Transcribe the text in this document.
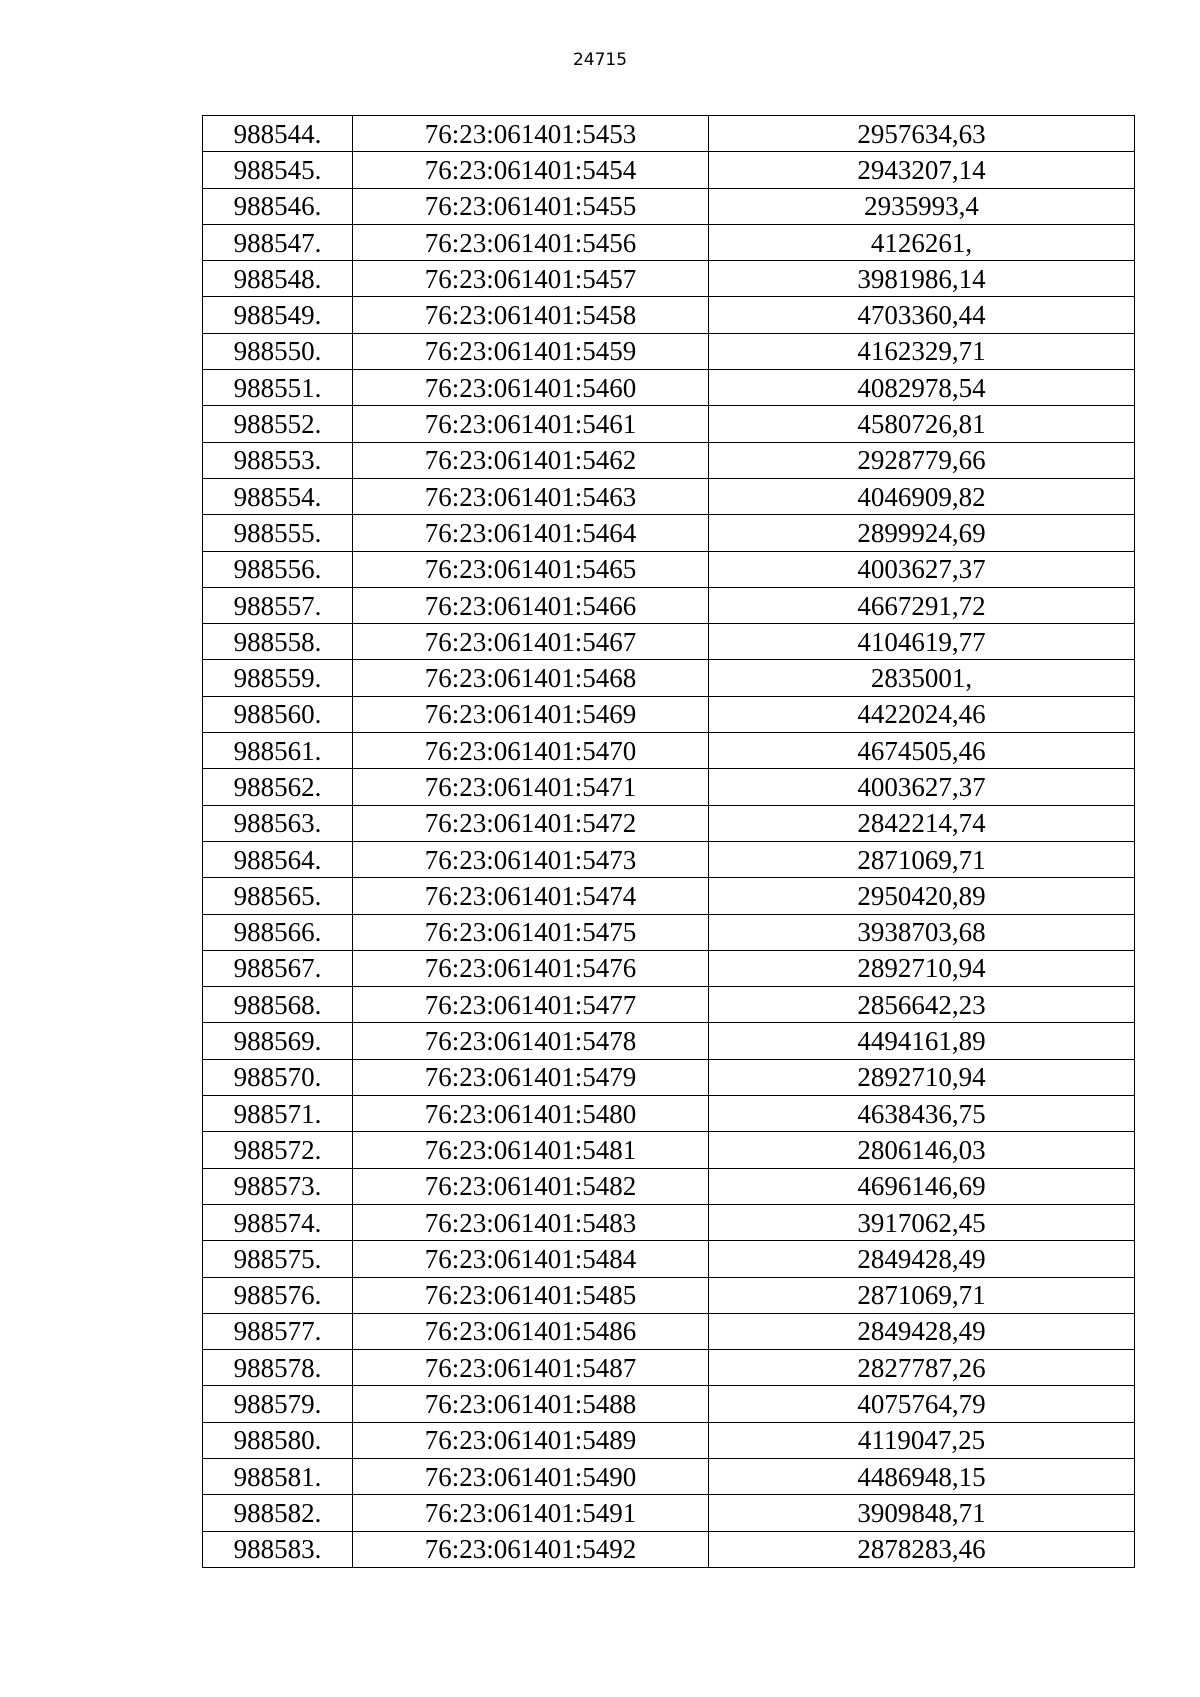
24715
988544.	76:23:061401:5453	2957634,63
988545.	76:23:061401:5454	2943207,14
988546.	76:23:061401:5455	2935993,4
988547.	76:23:061401:5456	4126261,
988548.	76:23:061401:5457	3981986,14
988549.	76:23:061401:5458	4703360,44
988550.	76:23:061401:5459	4162329,71
988551.	76:23:061401:5460	4082978,54
988552.	76:23:061401:5461	4580726,81
988553.	76:23:061401:5462	2928779,66
988554.	76:23:061401:5463	4046909,82
988555.	76:23:061401:5464	2899924,69
988556.	76:23:061401:5465	4003627,37
988557.	76:23:061401:5466	4667291,72
988558.	76:23:061401:5467	4104619,77
988559.	76:23:061401:5468	2835001,
988560.	76:23:061401:5469	4422024,46
988561.	76:23:061401:5470	4674505,46
988562.	76:23:061401:5471	4003627,37
988563.	76:23:061401:5472	2842214,74
988564.	76:23:061401:5473	2871069,71
988565.	76:23:061401:5474	2950420,89
988566.	76:23:061401:5475	3938703,68
988567.	76:23:061401:5476	2892710,94
988568.	76:23:061401:5477	2856642,23
988569.	76:23:061401:5478	4494161,89
988570.	76:23:061401:5479	2892710,94
988571.	76:23:061401:5480	4638436,75
988572.	76:23:061401:5481	2806146,03
988573.	76:23:061401:5482	4696146,69
988574.	76:23:061401:5483	3917062,45
988575.	76:23:061401:5484	2849428,49
988576.	76:23:061401:5485	2871069,71
988577.	76:23:061401:5486	2849428,49
988578.	76:23:061401:5487	2827787,26
988579.	76:23:061401:5488	4075764,79
988580.	76:23:061401:5489	4119047,25
988581.	76:23:061401:5490	4486948,15
988582.	76:23:061401:5491	3909848,71
988583.	76:23:061401:5492	2878283,46
